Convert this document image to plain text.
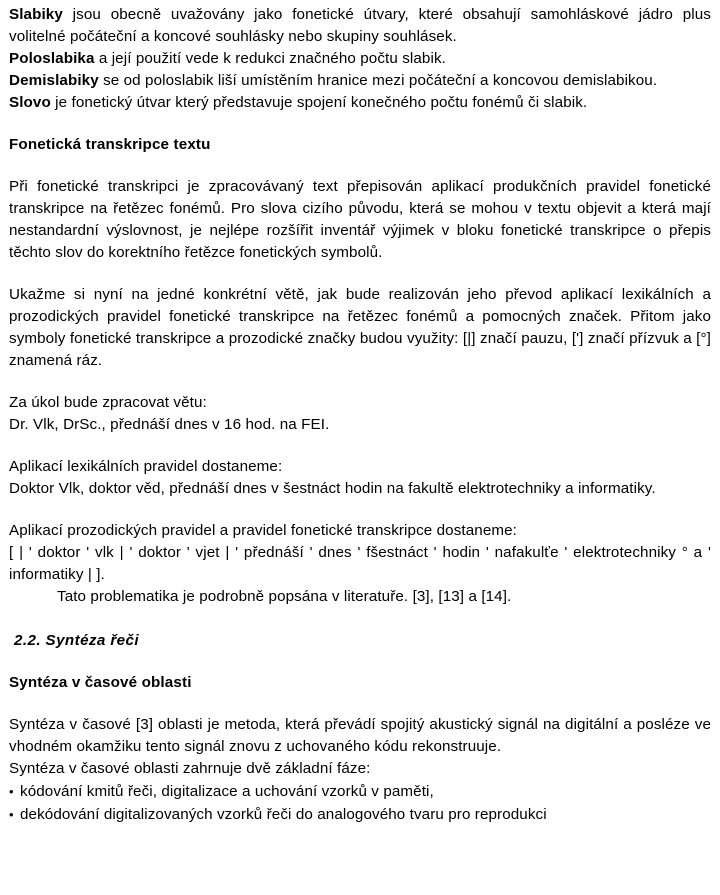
Slabiky jsou obecně uvažovány jako fonetické útvary, které obsahují samohláskové jádro plus volitelné počáteční a koncové souhlásky nebo skupiny souhlásek.

Poloslabika a její použití vede k redukci značného počtu slabik.

Demislabiky se od poloslabik liší umístěním hranice mezi počáteční a koncovou demislabikou.

Slovo je fonetický útvar který představuje spojení konečného počtu fonémů či slabik.

Fonetická transkripce textu

Při fonetické transkripci je zpracovávaný text přepisován aplikací produkčních pravidel fonetické transkripce na řetězec fonémů. Pro slova cizího původu, která se mohou v textu objevit a která mají nestandardní výslovnost, je nejlépe rozšířit inventář výjimek v bloku fonetické transkripce o přepis těchto slov do korektního řetězce fonetických symbolů.

Ukažme si nyní na jedné konkrétní větě, jak bude realizován jeho převod aplikací lexikálních a prozodických pravidel fonetické transkripce na řetězec fonémů a pomocných značek. Přitom jako symboly fonetické transkripce a prozodické značky budou využity: [|] značí pauzu, ['] značí přízvuk a [°] znamená ráz.

Za úkol bude zpracovat větu:

Dr. Vlk, DrSc., přednáší dnes v 16 hod. na FEI.

Aplikací lexikálních pravidel dostaneme:

Doktor Vlk, doktor věd, přednáší dnes v šestnáct hodin na fakultě elektrotechniky a informatiky.

Aplikací prozodických pravidel a pravidel fonetické transkripce dostaneme:

[ | ' doktor ' vlk | ' doktor ' vjet | ' přednáší ' dnes ' fšestnáct ' hodin ' nafakulťe ' elektrotechniky ° a ' informatiky | ].

Tato problematika je podrobně popsána v literatuře. [3], [13] a [14].

2.2. Syntéza řeči
Syntéza v časové oblasti

Syntéza v časové [3] oblasti je metoda, která převádí spojitý akustický signál na digitální a posléze ve vhodném okamžiku tento signál znovu z uchovaného kódu rekonstruuje.

Syntéza v časové oblasti zahrnuje dvě základní fáze:

• kódování kmitů řeči, digitalizace a uchování vzorků v paměti,
• dekódování digitalizovaných vzorků řeči do analogového tvaru pro reprodukci
